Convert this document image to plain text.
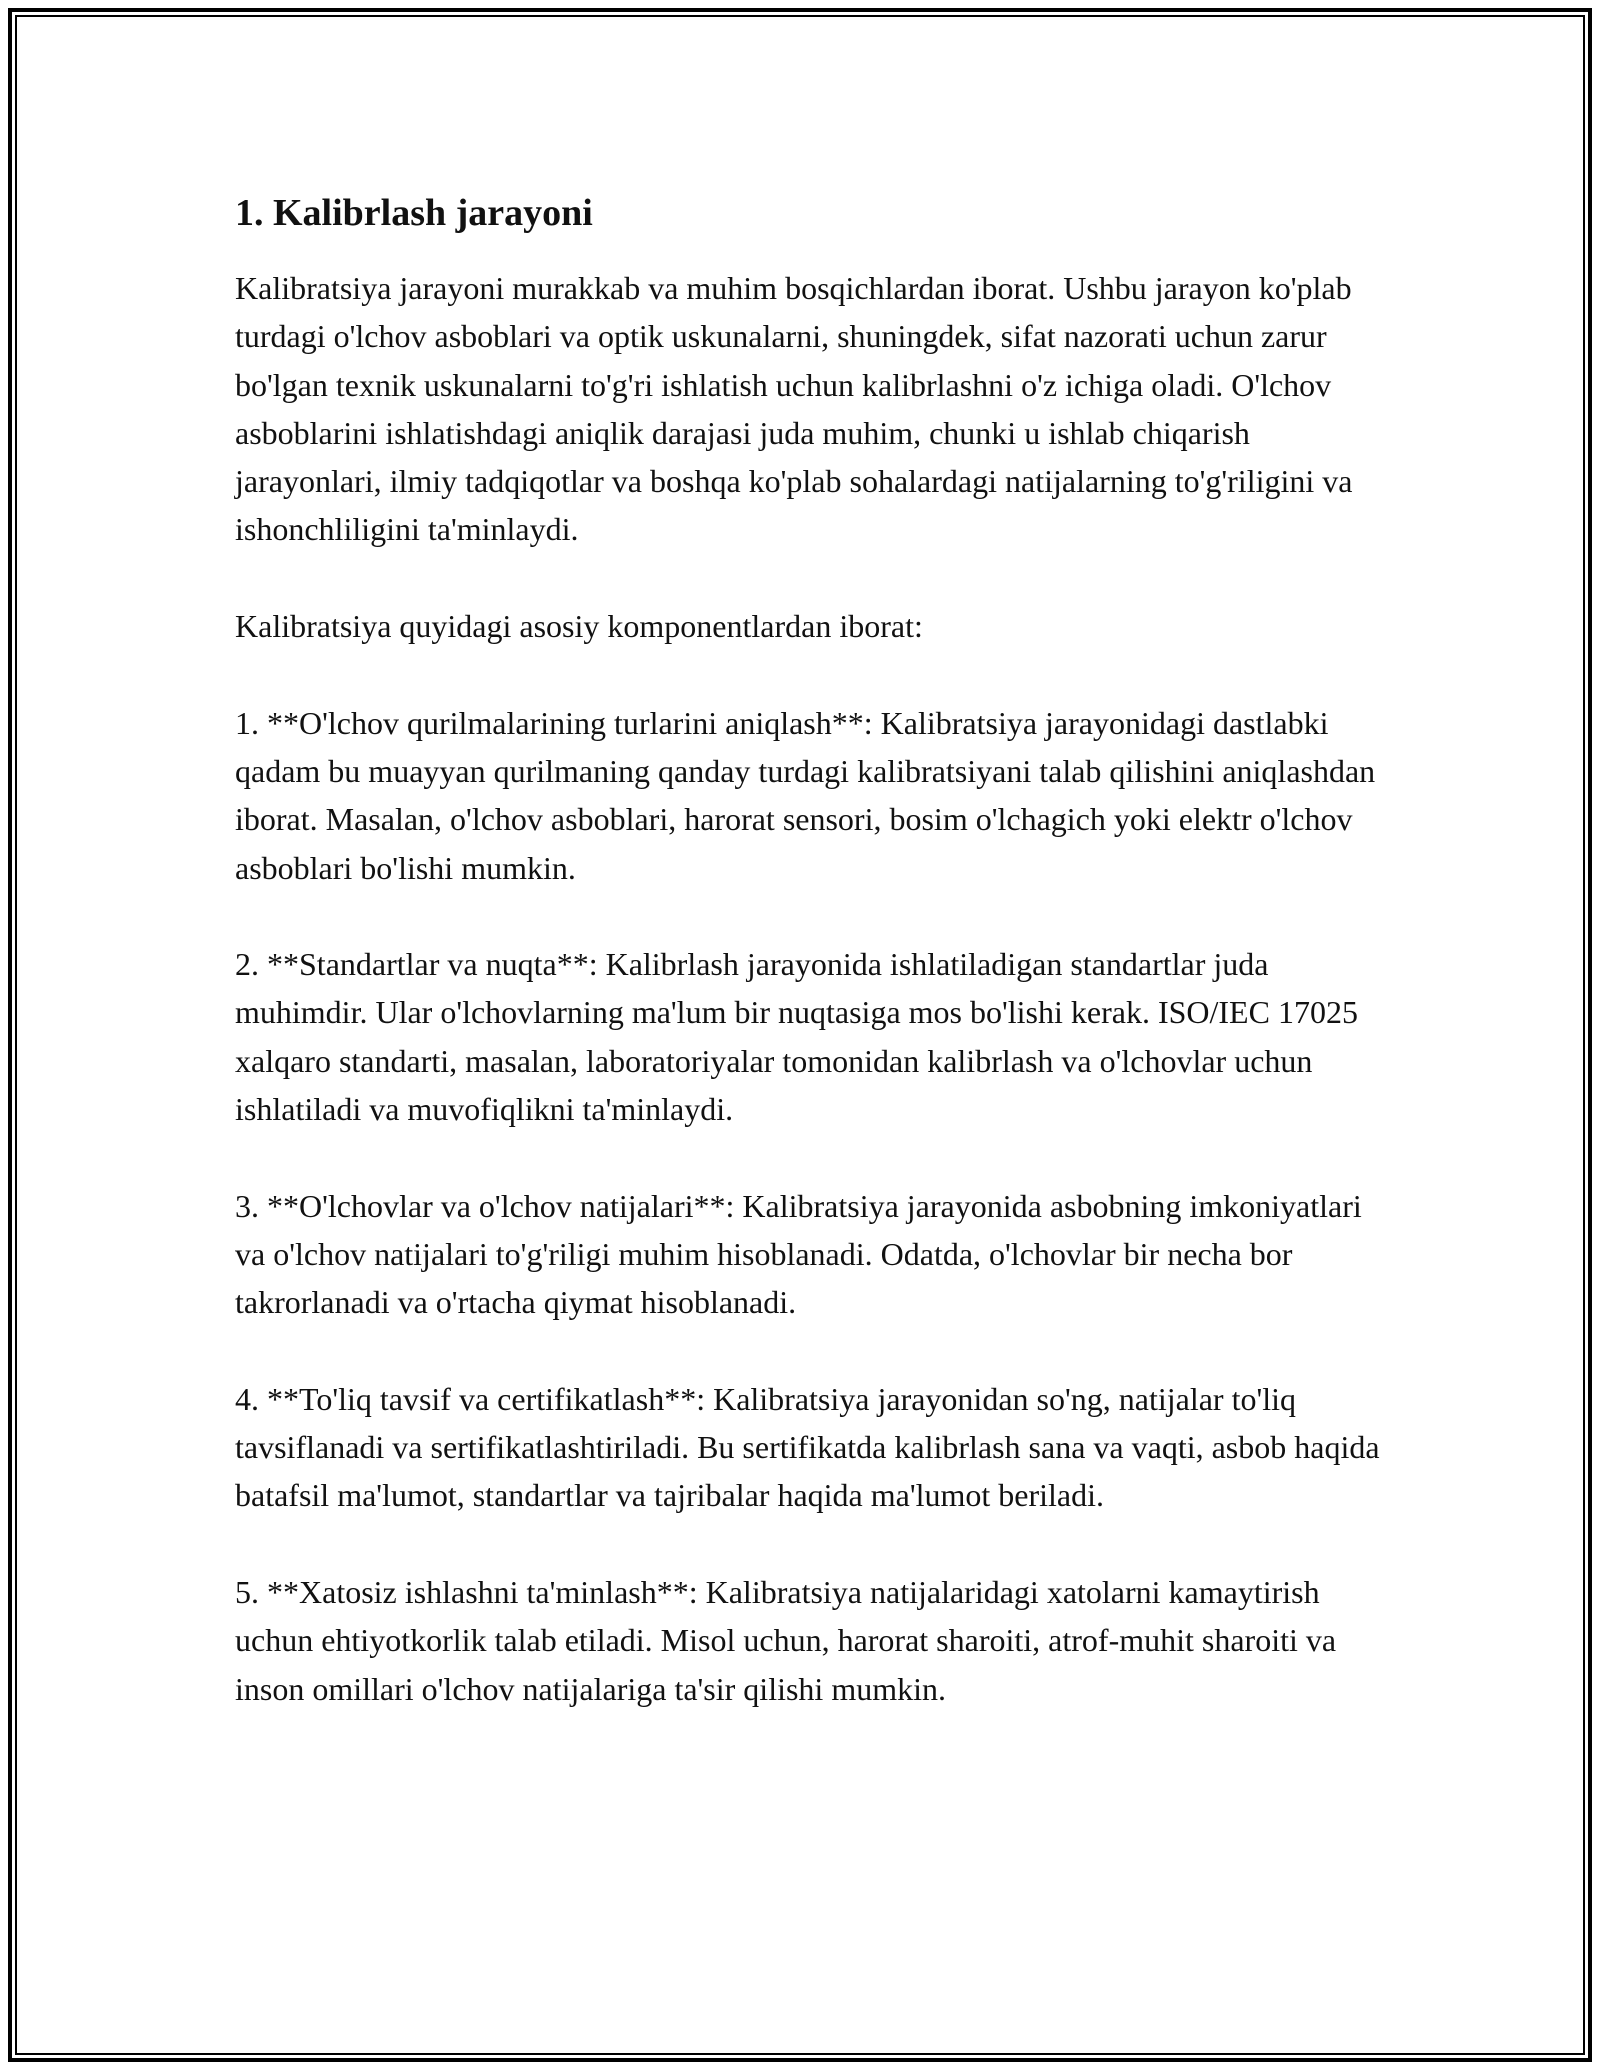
1. Kalibrlash jarayoni

Kalibratsiya jarayoni murakkab va muhim bosqichlardan iborat. Ushbu jarayon ko'plab turdagi o'lchov asboblari va optik uskunalarni, shuningdek, sifat nazorati uchun zarur bo'lgan texnik uskunalarni to'g'ri ishlatish uchun kalibrlashni o'z ichiga oladi. O'lchov asboblarini ishlatishdagi aniqlik darajasi juda muhim, chunki u ishlab chiqarish jarayonlari, ilmiy tadqiqotlar va boshqa ko'plab sohalardagi natijalarning to'g'riligini va ishonchliligini ta'minlaydi.

Kalibratsiya quyidagi asosiy komponentlardan iborat:

1. **O'lchov qurilmalarining turlarini aniqlash**: Kalibratsiya jarayonidagi dastlabki qadam bu muayyan qurilmaning qanday turdagi kalibratsiyani talab qilishini aniqlashdan iborat. Masalan, o'lchov asboblari, harorat sensori, bosim o'lchagich yoki elektr o'lchov asboblari bo'lishi mumkin.

2. **Standartlar va nuqta**: Kalibrlash jarayonida ishlatiladigan standartlar juda muhimdir. Ular o'lchovlarning ma'lum bir nuqtasiga mos bo'lishi kerak. ISO/IEC 17025 xalqaro standarti, masalan, laboratoriyalar tomonidan kalibrlash va o'lchovlar uchun ishlatiladi va muvofiqlikni ta'minlaydi.

3. **O'lchovlar va o'lchov natijalari**: Kalibratsiya jarayonida asbobning imkoniyatlari va o'lchov natijalari to'g'riligi muhim hisoblanadi. Odatda, o'lchovlar bir necha bor takrorlanadi va o'rtacha qiymat hisoblanadi.

4. **To'liq tavsif va certifikatlash**: Kalibratsiya jarayonidan so'ng, natijalar to'liq tavsiflanadi va sertifikatlashtiriladi. Bu sertifikatda kalibrlash sana va vaqti, asbob haqida batafsil ma'lumot, standartlar va tajribalar haqida ma'lumot beriladi.

5. **Xatosiz ishlashni ta'minlash**: Kalibratsiya natijalaridagi xatolarni kamaytirish uchun ehtiyotkorlik talab etiladi. Misol uchun, harorat sharoiti, atrof-muhit sharoiti va inson omillari o'lchov natijalariga ta'sir qilishi mumkin.
